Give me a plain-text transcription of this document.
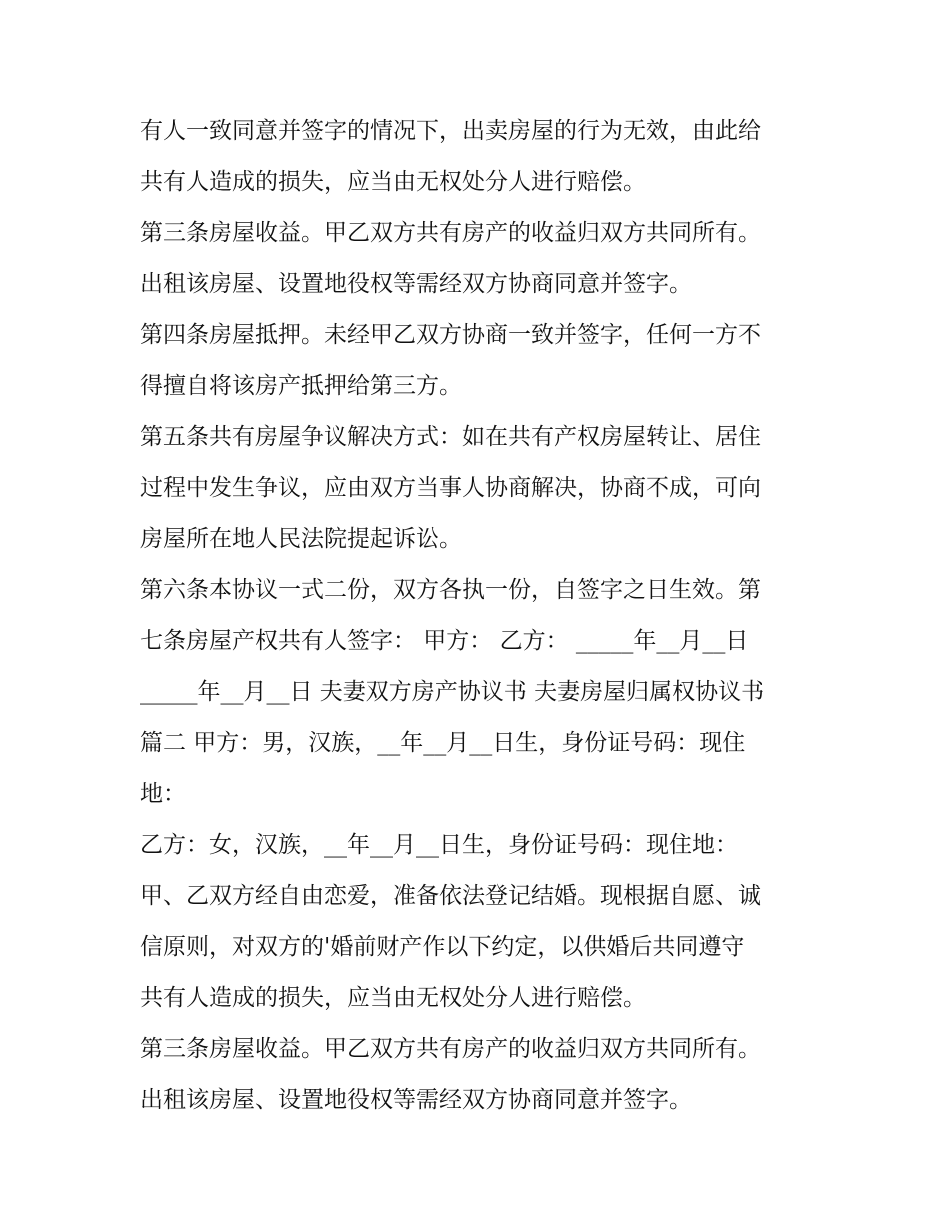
有人一致同意并签字的情况下，出卖房屋的行为无效，由此给
共有人造成的损失，应当由无权处分人进行赔偿。
第三条房屋收益。甲乙双方共有房产的收益归双方共同所有。
出租该房屋、设置地役权等需经双方协商同意并签字。
第四条房屋抵押。未经甲乙双方协商一致并签字，任何一方不
得擅自将该房产抵押给第三方。
第五条共有房屋争议解决方式：如在共有产权房屋转让、居住
过程中发生争议，应由双方当事人协商解决，协商不成，可向
房屋所在地人民法院提起诉讼。
第六条本协议一式二份，双方各执一份，自签字之日生效。第
七条房屋产权共有人签字： 甲方： 乙方： _____年__月__日
_____年__月__日 夫妻双方房产协议书 夫妻房屋归属权协议书
篇二 甲方：男，汉族，__年__月__日生，身份证号码：现住
地：
乙方：女，汉族，__年__月__日生，身份证号码：现住地：
甲、乙双方经自由恋爱，准备依法登记结婚。现根据自愿、诚
信原则，对双方的'婚前财产作以下约定，以供婚后共同遵守
共有人造成的损失，应当由无权处分人进行赔偿。
第三条房屋收益。甲乙双方共有房产的收益归双方共同所有。
出租该房屋、设置地役权等需经双方协商同意并签字。
